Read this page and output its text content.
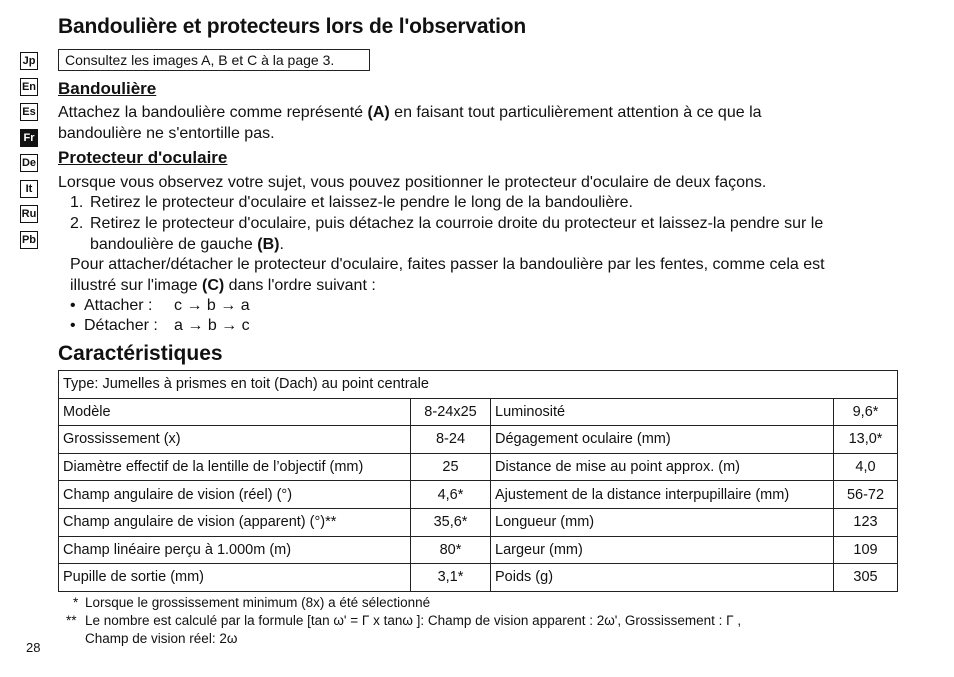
Bandoulière et protecteurs lors de l'observation
Consultez les images A, B et C à la page 3.
Jp
En
Es
Fr
De
It
Ru
Pb
Bandoulière
Attachez la bandoulière comme représenté (A) en faisant tout particulièrement attention à ce que la
bandoulière ne s'entortille pas.
Protecteur d'oculaire
Lorsque vous observez votre sujet, vous pouvez positionner le protecteur d'oculaire de deux façons.
1. Retirez le protecteur d'oculaire et laissez-le pendre le long de la bandoulière.
2. Retirez le protecteur d'oculaire, puis détachez la courroie droite du protecteur et laissez-la pendre sur le
bandoulière de gauche (B).
Pour attacher/détacher le protecteur d'oculaire, faites passer la bandoulière par les fentes, comme cela est
illustré sur l'image (C) dans l'ordre suivant :
• Attacher : c → b → a
• Détacher : a → b → c
Caractéristiques
Type: Jumelles à prismes en toit (Dach) au point centrale			
Modèle	8-24x25	Luminosité	9,6*
Grossissement (x)	8-24	Dégagement oculaire (mm)	13,0*
Diamètre effectif de la lentille de l’objectif (mm)	25	Distance de mise au point approx. (m)	4,0
Champ angulaire de vision (réel) (°)	4,6*	Ajustement de la distance interpupillaire (mm)	56-72
Champ angulaire de vision (apparent) (°)**	35,6*	Longueur (mm)	123
Champ linéaire perçu à 1.000m (m)	80*	Largeur (mm)	109
Pupille de sortie (mm)	3,1*	Poids (g)	305
* Lorsque le grossissement minimum (8x) a été sélectionné
** Le nombre est calculé par la formule [tan ω' = Γ x tanω ]: Champ de vision apparent : 2ω', Grossissement : Γ ,
Champ de vision réel: 2ω
28
